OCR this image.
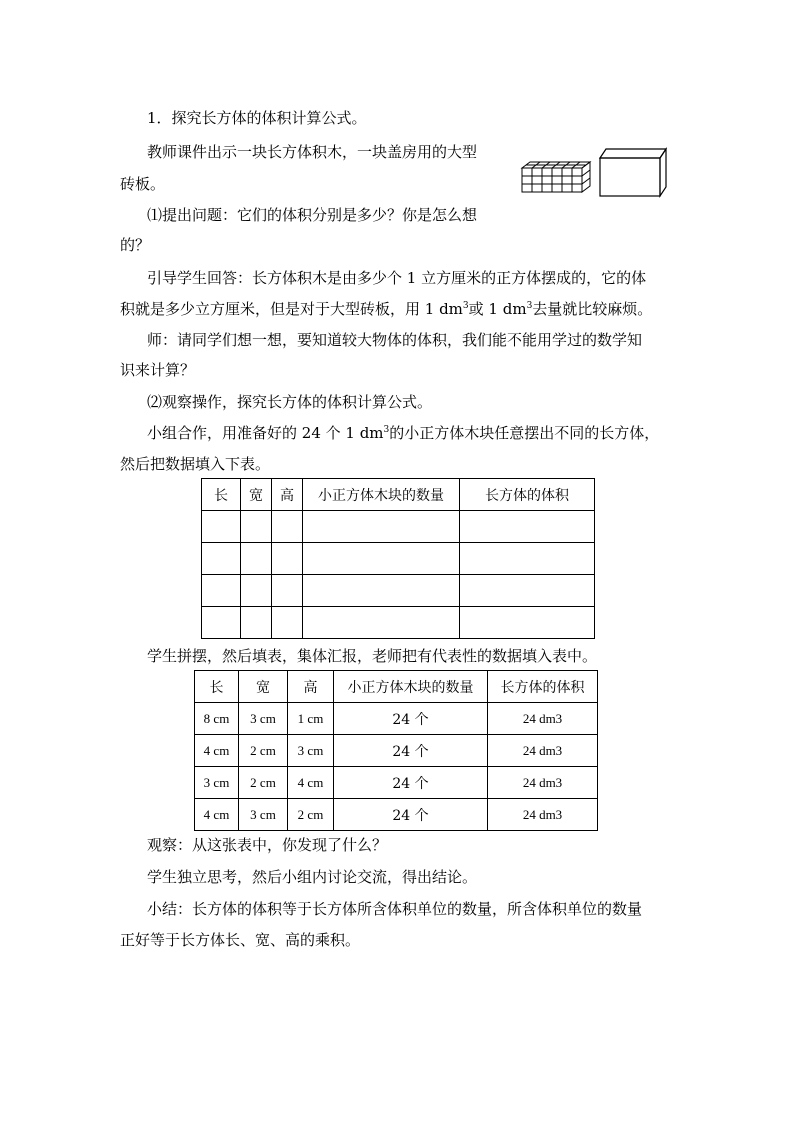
1．探究长方体的体积计算公式。
教师课件出示一块长方体积木，一块盖房用的大型
砖板。
⑴提出问题：它们的体积分别是多少？你是怎么想
的？
引导学生回答：长方体积木是由多少个 1 立方厘米的正方体摆成的，它的体
积就是多少立方厘米，但是对于大型砖板，用 1 $dm^3$或 1 $dm^3$去量就比较麻烦。
师：请同学们想一想，要知道较大物体的体积，我们能不能用学过的数学知
识来计算？
⑵观察操作，探究长方体的体积计算公式。
小组合作，用准备好的 24 个 1 $dm^3$的小正方体木块任意摆出不同的长方体，
然后把数据填入下表。
长	宽	高	小正方体木块的数量	长方体的体积

学生拼摆，然后填表，集体汇报，老师把有代表性的数据填入表中。
长	宽	高	小正方体木块的数量	长方体的体积
8 cm	3 cm	1 cm	24 个	24 dm3
4 cm	2 cm	3 cm	24 个	24 dm3
3 cm	2 cm	4 cm	24 个	24 dm3
4 cm	3 cm	2 cm	24 个	24 dm3
观察：从这张表中，你发现了什么？
学生独立思考，然后小组内讨论交流，得出结论。
小结：长方体的体积等于长方体所含体积单位的数量，所含体积单位的数量
正好等于长方体长、宽、高的乘积。
